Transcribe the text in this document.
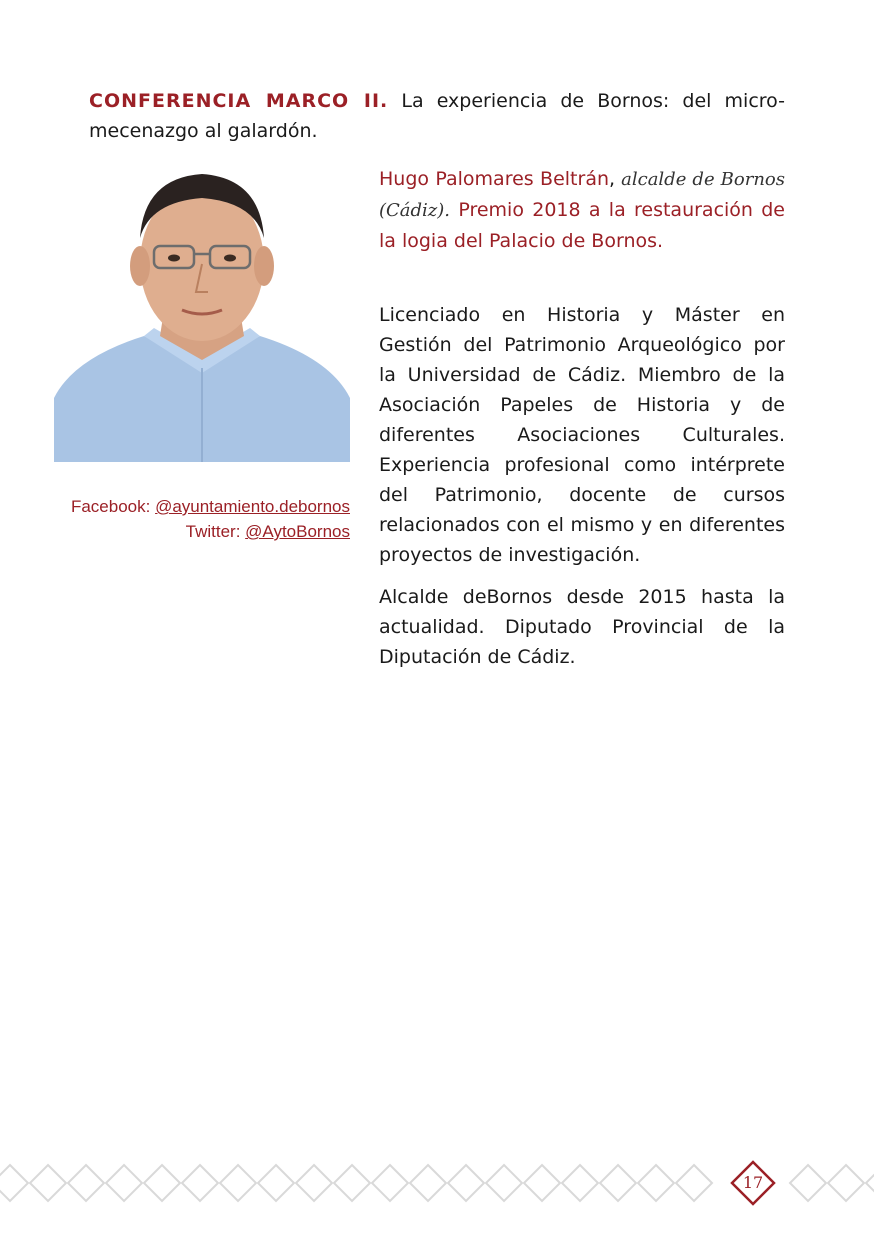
CONFERENCIA MARCO II. La experiencia de Bornos: del micro-mecenazgo al galardón.
Facebook: @ayuntamiento.debornos
Twitter: @AytoBornos

Hugo Palomares Beltrán, alcalde de Bornos (Cádiz). Premio 2018 a la restauración de la logia del Palacio de Bornos.

Licenciado en Historia y Máster en Gestión del Patrimonio Arqueológico por la Universidad de Cádiz. Miembro de la Asociación Papeles de Historia y de diferentes Asociaciones Culturales. Experiencia profesional como intérprete del Patrimonio, docente de cursos relacionados con el mismo y en diferentes proyectos de investigación.

Alcalde deBornos desde 2015 hasta la actualidad. Diputado Provincial de la Diputación de Cádiz.

17
